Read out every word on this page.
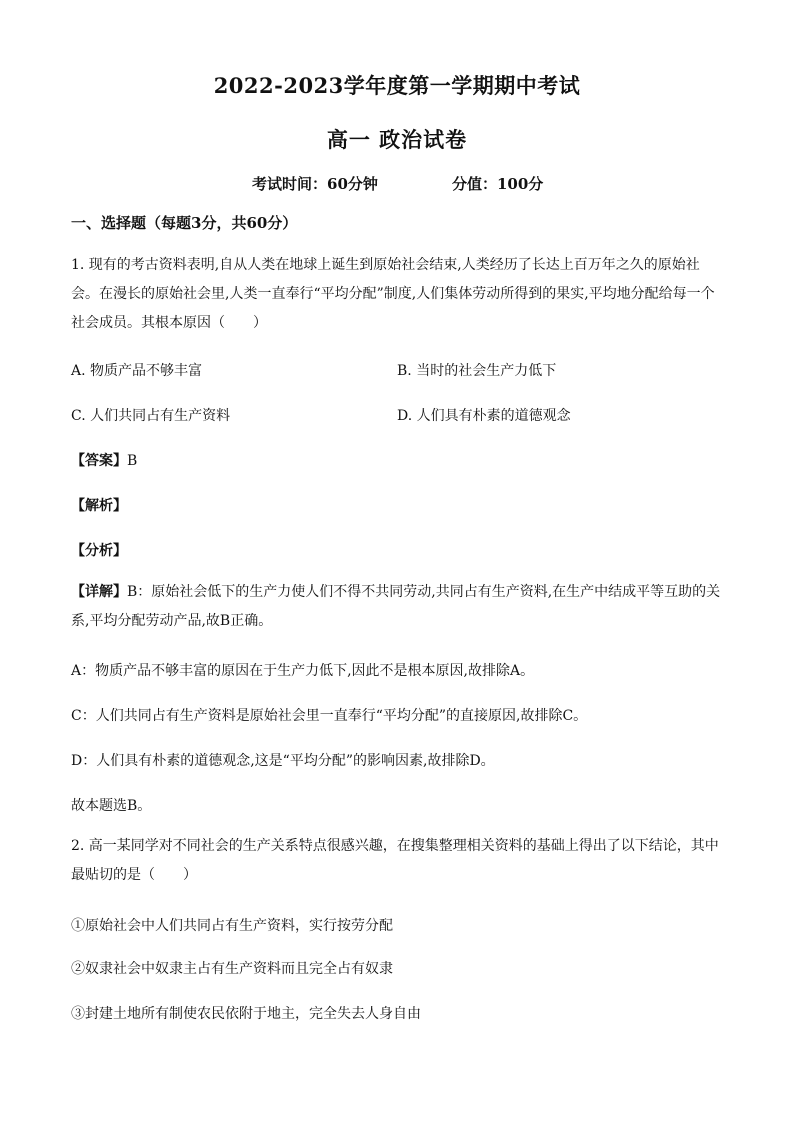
2022-2023学年度第一学期期中考试
高一 政治试卷
考试时间：60分钟	分值：100分
一、选择题（每题3分，共60分）
1. 现有的考古资料表明,自从人类在地球上诞生到原始社会结束,人类经历了长达上百万年之久的原始社会。在漫长的原始社会里,人类一直奉行“平均分配”制度,人们集体劳动所得到的果实,平均地分配给每一个社会成员。其根本原因（　　）
A. 物质产品不够丰富	B. 当时的社会生产力低下
C. 人们共同占有生产资料	D. 人们具有朴素的道德观念
【答案】B
【解析】
【分析】
【详解】B：原始社会低下的生产力使人们不得不共同劳动,共同占有生产资料,在生产中结成平等互助的关系,平均分配劳动产品,故B正确。
A：物质产品不够丰富的原因在于生产力低下,因此不是根本原因,故排除A。
C：人们共同占有生产资料是原始社会里一直奉行“平均分配”的直接原因,故排除C。
D：人们具有朴素的道德观念,这是“平均分配”的影响因素,故排除D。
故本题选B。
2. 高一某同学对不同社会的生产关系特点很感兴趣，在搜集整理相关资料的基础上得出了以下结论，其中最贴切的是（　　）
①原始社会中人们共同占有生产资料，实行按劳分配
②奴隶社会中奴隶主占有生产资料而且完全占有奴隶
③封建土地所有制使农民依附于地主，完全失去人身自由
